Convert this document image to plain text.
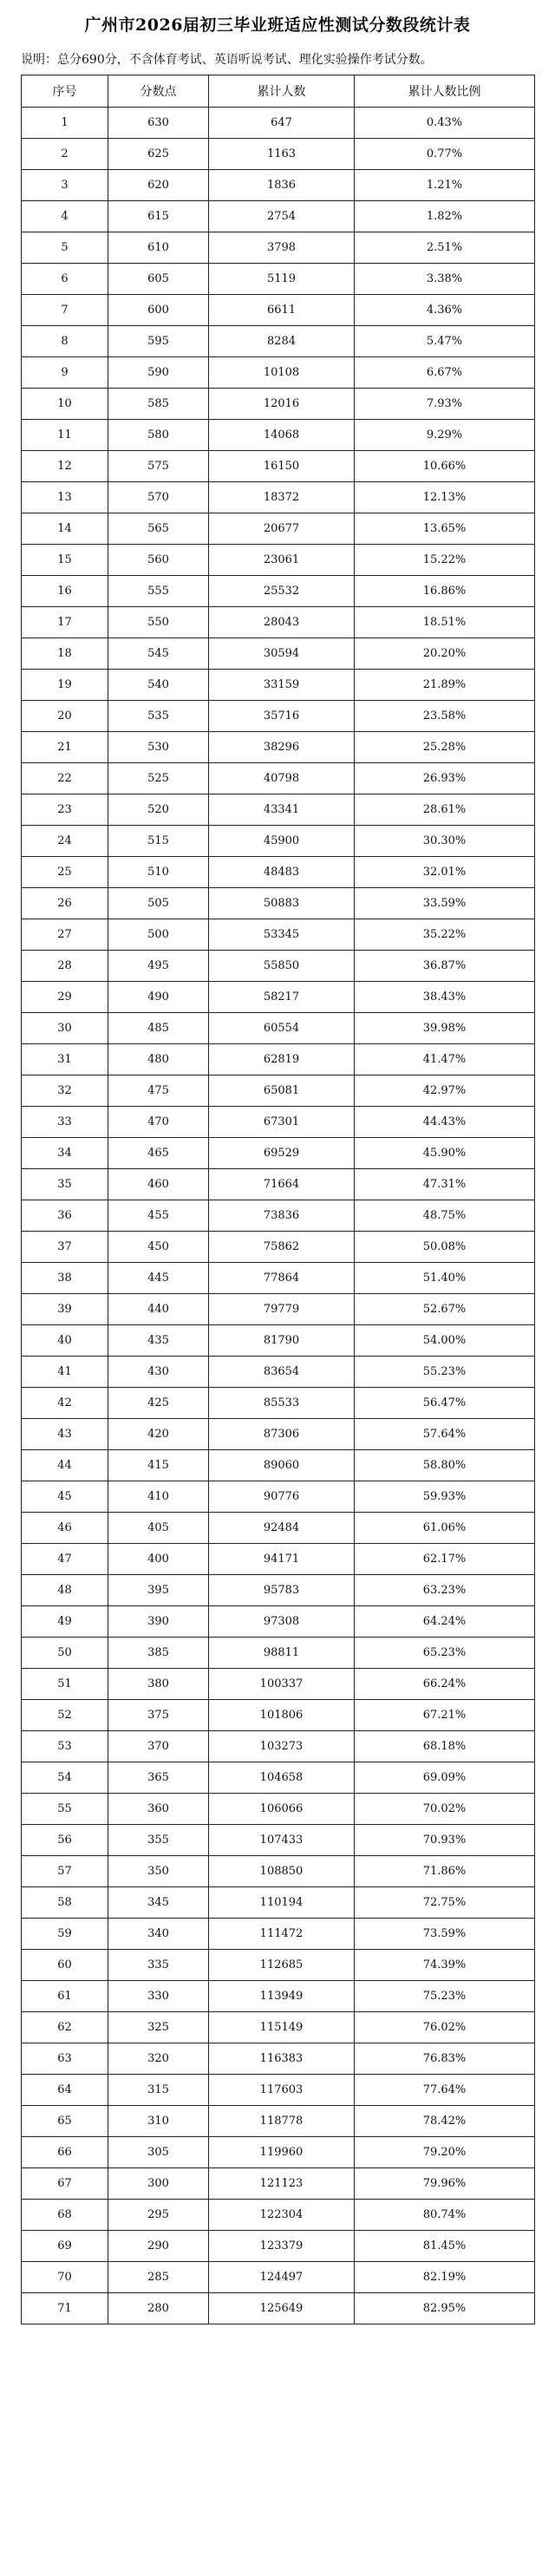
广州市2026届初三毕业班适应性测试分数段统计表
说明：总分690分，不含体育考试、英语听说考试、理化实验操作考试分数。
序号	分数点	累计人数	累计人数比例
1	630	647	0.43%
2	625	1163	0.77%
3	620	1836	1.21%
4	615	2754	1.82%
5	610	3798	2.51%
6	605	5119	3.38%
7	600	6611	4.36%
8	595	8284	5.47%
9	590	10108	6.67%
10	585	12016	7.93%
11	580	14068	9.29%
12	575	16150	10.66%
13	570	18372	12.13%
14	565	20677	13.65%
15	560	23061	15.22%
16	555	25532	16.86%
17	550	28043	18.51%
18	545	30594	20.20%
19	540	33159	21.89%
20	535	35716	23.58%
21	530	38296	25.28%
22	525	40798	26.93%
23	520	43341	28.61%
24	515	45900	30.30%
25	510	48483	32.01%
26	505	50883	33.59%
27	500	53345	35.22%
28	495	55850	36.87%
29	490	58217	38.43%
30	485	60554	39.98%
31	480	62819	41.47%
32	475	65081	42.97%
33	470	67301	44.43%
34	465	69529	45.90%
35	460	71664	47.31%
36	455	73836	48.75%
37	450	75862	50.08%
38	445	77864	51.40%
39	440	79779	52.67%
40	435	81790	54.00%
41	430	83654	55.23%
42	425	85533	56.47%
43	420	87306	57.64%
44	415	89060	58.80%
45	410	90776	59.93%
46	405	92484	61.06%
47	400	94171	62.17%
48	395	95783	63.23%
49	390	97308	64.24%
50	385	98811	65.23%
51	380	100337	66.24%
52	375	101806	67.21%
53	370	103273	68.18%
54	365	104658	69.09%
55	360	106066	70.02%
56	355	107433	70.93%
57	350	108850	71.86%
58	345	110194	72.75%
59	340	111472	73.59%
60	335	112685	74.39%
61	330	113949	75.23%
62	325	115149	76.02%
63	320	116383	76.83%
64	315	117603	77.64%
65	310	118778	78.42%
66	305	119960	79.20%
67	300	121123	79.96%
68	295	122304	80.74%
69	290	123379	81.45%
70	285	124497	82.19%
71	280	125649	82.95%
